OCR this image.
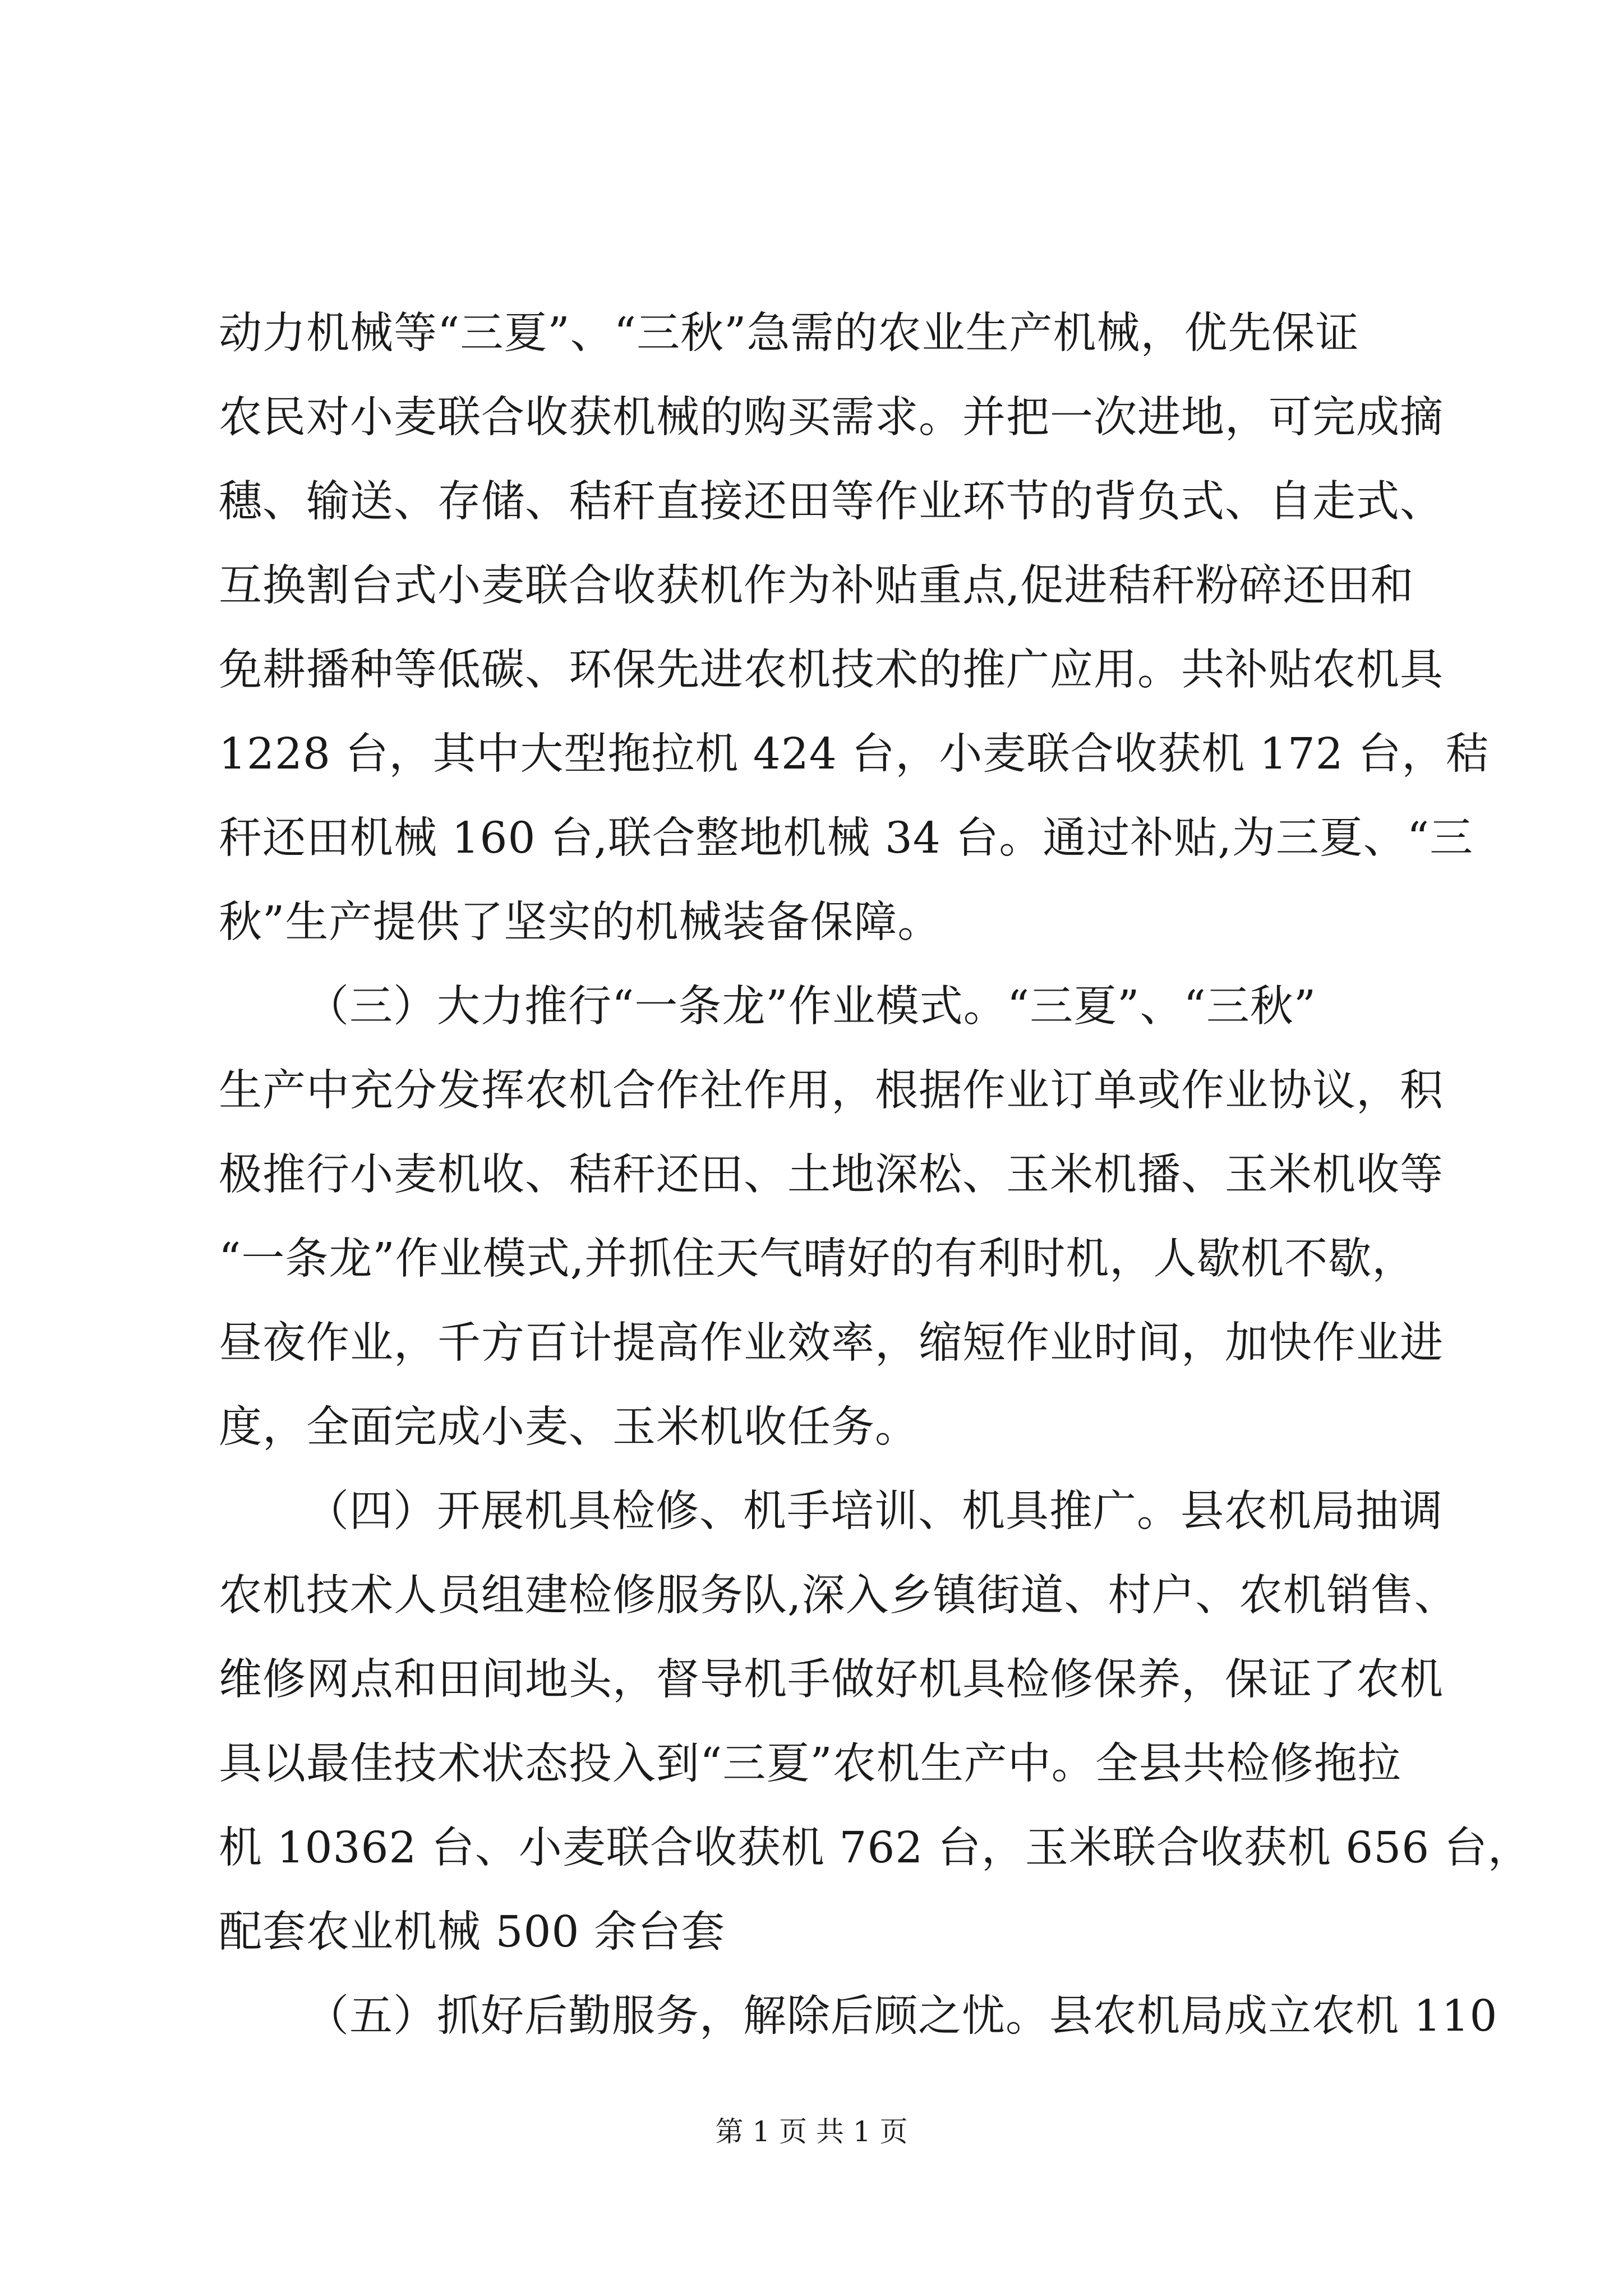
动力机械等“三夏”、“三秋”急需的农业生产机械，优先保证
农民对小麦联合收获机械的购买需求。并把一次进地，可完成摘
穗、输送、存储、秸秆直接还田等作业环节的背负式、自走式、
互换割台式小麦联合收获机作为补贴重点,促进秸秆粉碎还田和
免耕播种等低碳、环保先进农机技术的推广应用。共补贴农机具
1228 台，其中大型拖拉机 424 台，小麦联合收获机 172 台，秸
秆还田机械 160 台,联合整地机械 34 台。通过补贴,为三夏、“三
秋”生产提供了坚实的机械装备保障。
（三）大力推行“一条龙”作业模式。“三夏”、“三秋”
生产中充分发挥农机合作社作用，根据作业订单或作业协议，积
极推行小麦机收、秸秆还田、土地深松、玉米机播、玉米机收等
“一条龙”作业模式,并抓住天气晴好的有利时机，人歇机不歇，
昼夜作业，千方百计提高作业效率，缩短作业时间，加快作业进
度，全面完成小麦、玉米机收任务。
（四）开展机具检修、机手培训、机具推广。县农机局抽调
农机技术人员组建检修服务队,深入乡镇街道、村户、农机销售、
维修网点和田间地头，督导机手做好机具检修保养，保证了农机
具以最佳技术状态投入到“三夏”农机生产中。全县共检修拖拉
机 10362 台、小麦联合收获机 762 台，玉米联合收获机 656 台，
配套农业机械 500 余台套
（五）抓好后勤服务，解除后顾之忧。县农机局成立农机 110
第 1 页 共 1 页
